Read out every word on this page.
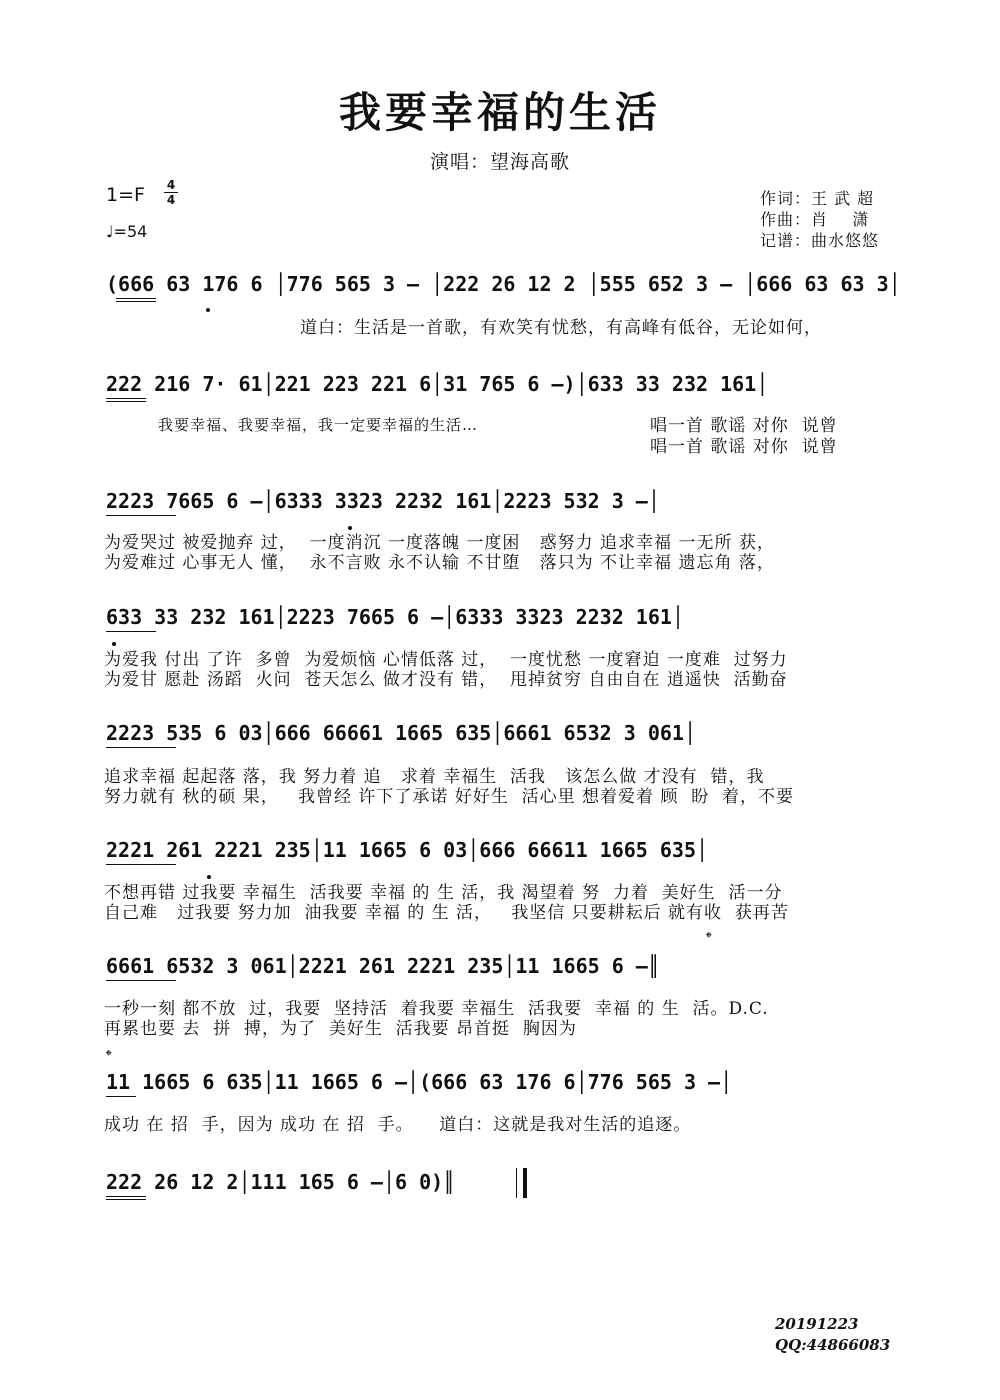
我要幸福的生活
演唱：望海高歌
1=F 4
4
♩=54
作词：王 武 超
作曲：肖    潇
记谱：曲水悠悠
(666 63 176 6 │776 565 3 – │222 26 12 2 │555 652 3 – │666 63 63 3│
道白：生活是一首歌，有欢笑有忧愁，有高峰有低谷，无论如何，
222 216 7· 61│221 223 221 6│31 765 6 –)│633 33 232 161│
我要幸福、我要幸福，我一定要幸福的生活…	唱一首 歌谣 对你  说曾
唱一首 歌谣 对你  说曾
2223 7665 6 –│6333 3323 2232 161│2223 532 3 –│
为爱哭过 被爱抛弃 过，  一度消沉 一度落魄 一度困   惑努力 追求幸福 一无所 获，
为爱难过 心事无人 懂，  永不言败 永不认输 不甘堕   落只为 不让幸福 遗忘角 落，
633 33 232 161│2223 7665 6 –│6333 3323 2232 161│
为爱我 付出 了许  多曾  为爱烦恼 心情低落 过，  一度忧愁 一度窘迫 一度难  过努力
为爱甘 愿赴 汤蹈  火问  苍天怎么 做才没有 错，  甩掉贫穷 自由自在 逍遥快  活勤奋
2223 535 6 03│666 66661 1665 635│6661 6532 3 061│
追求幸福 起起落 落，我 努力着 追   求着 幸福生  活我   该怎么做 才没有  错，我
努力就有 秋的硕 果，   我曾经 许下了承诺 好好生  活心里 想着爱着 顾  盼  着，不要
2221 261 2221 235│11 1665 6 03│666 66611 1665 635│
不想再错 过我要 幸福生  活我要 幸福 的 生 活，我 渴望着 努  力着  美好生  活一分
自己难   过我要 努力加  油我要 幸福 的 生 活，   我坚信 只要耕耘后 就有收  获再苦
𝄌
6661 6532 3 061│2221 261 2221 235│11 1665 6 –║
一秒一刻 都不放  过，我要  坚持活  着我要 幸福生  活我要  幸福 的 生  活。D.C.
再累也要 去  拼  搏，为了  美好生  活我要 昂首挺  胸因为
𝄌
11 1665 6 635│11 1665 6 –│(666 63 176 6│776 565 3 –│
成功 在 招  手，因为 成功 在 招  手。    道白：这就是我对生活的追逐。
222 26 12 2│111 165 6 –│6 0)║
20191223
QQ:44866083
